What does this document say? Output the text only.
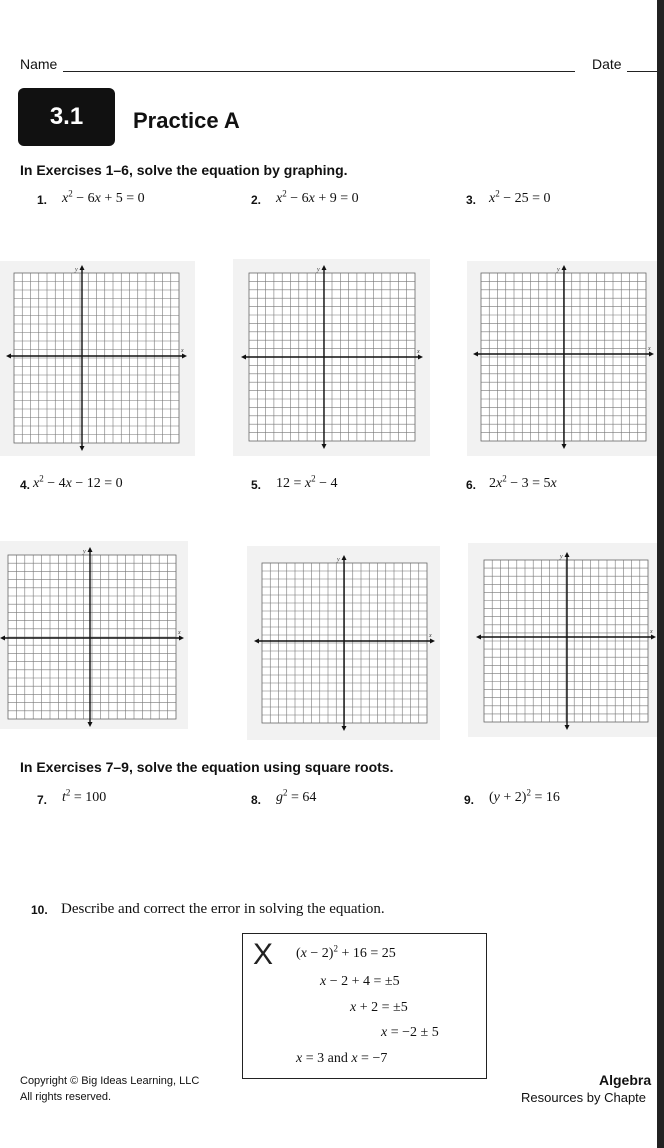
Name	Date
3.1	Practice A
In Exercises 1–6, solve the equation by graphing.
1. $x^2 - 6x + 5 = 0$	2. $x^2 - 6x + 9 = 0$	3. $x^2 - 25 = 0$
x
y
x
y
x
y
4. $x^2 - 4x - 12 = 0$	5. $12 = x^2 - 4$	6. $2x^2 - 3 = 5x$
x
y
x
y
x
y
In Exercises 7–9, solve the equation using square roots.
7. $t^2 = 100$	8. $g^2 = 64$	9. $(y + 2)^2 = 16$
10. Describe and correct the error in solving the equation.
X $(x - 2)^2 + 16 = 25$
x − 2 + 4 = ±5
x + 2 = ±5
x = −2 ± 5
x = 3 and x = −7
Copyright © Big Ideas Learning, LLC
All rights reserved.
Algebra
Resources by Chapte
